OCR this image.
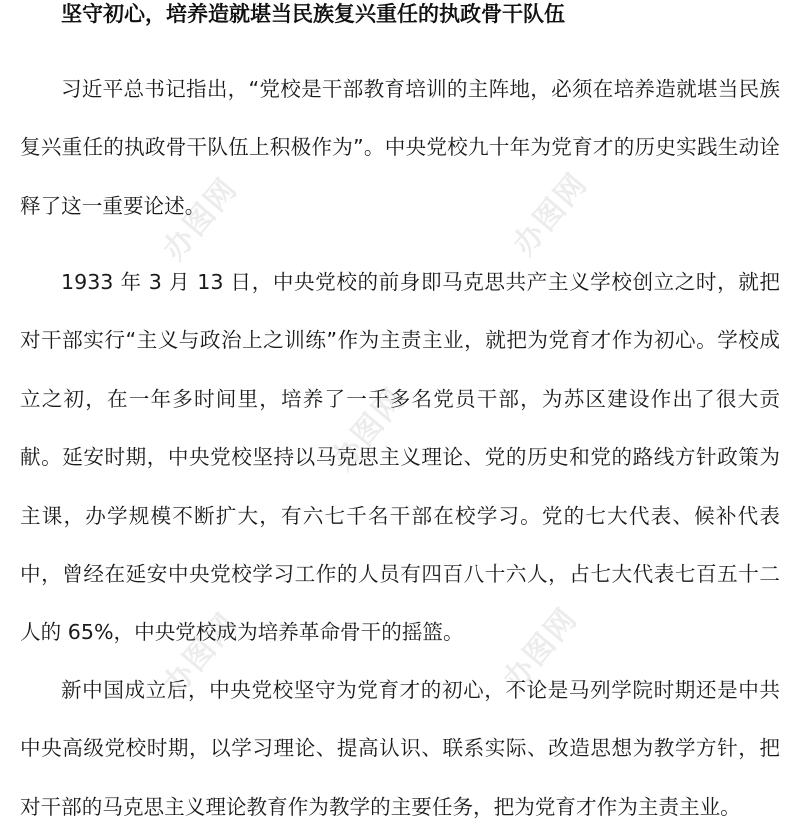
办图网	办图网
办图网
办图网	办图网
坚守初心，培养造就堪当民族复兴重任的执政骨干队伍

习近平总书记指出，“党校是干部教育培训的主阵地，必须在培养造就堪当民族复兴重任的执政骨干队伍上积极作为”。中央党校九十年为党育才的历史实践生动诠释了这一重要论述。

1933 年 3 月 13 日，中央党校的前身即马克思共产主义学校创立之时，就把对干部实行“主义与政治上之训练”作为主责主业，就把为党育才作为初心。学校成立之初，在一年多时间里，培养了一千多名党员干部，为苏区建设作出了很大贡献。延安时期，中央党校坚持以马克思主义理论、党的历史和党的路线方针政策为主课，办学规模不断扩大，有六七千名干部在校学习。党的七大代表、候补代表中，曾经在延安中央党校学习工作的人员有四百八十六人，占七大代表七百五十二人的 65%，中央党校成为培养革命骨干的摇篮。

新中国成立后，中央党校坚守为党育才的初心，不论是马列学院时期还是中共中央高级党校时期，以学习理论、提高认识、联系实际、改造思想为教学方针，把对干部的马克思主义理论教育作为教学的主要任务，把为党育才作为主责主业。
